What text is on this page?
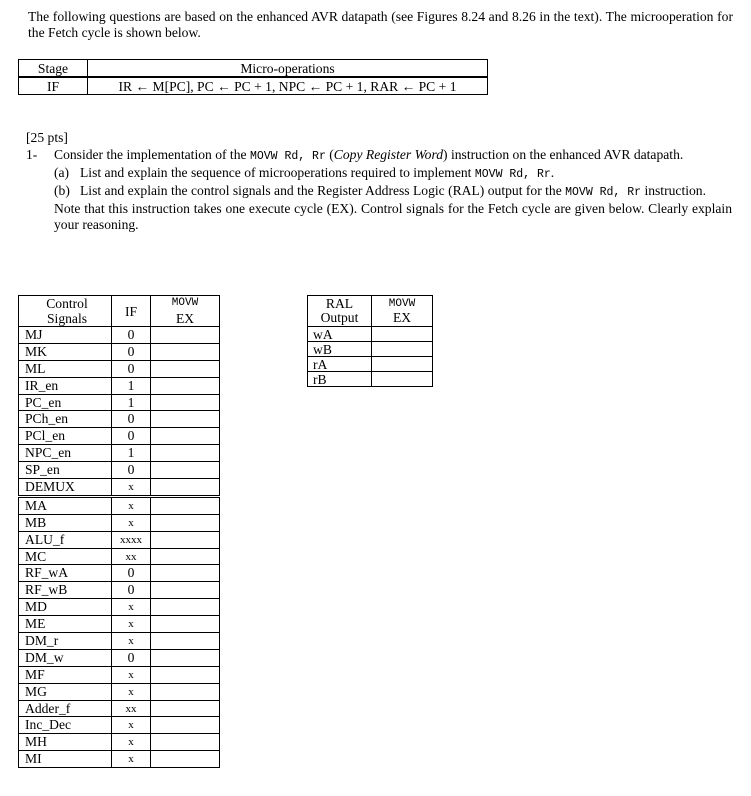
The following questions are based on the enhanced AVR datapath (see Figures 8.24 and 8.26 in the text). The microoperation for the Fetch cycle is shown below.
Stage	Micro-operations
IF	IR ← M[PC], PC ← PC + 1, NPC ← PC + 1, RAR ← PC + 1
[25 pts]
1- Consider the implementation of the MOVW Rd, Rr (Copy Register Word) instruction on the enhanced AVR datapath.
(a) List and explain the sequence of microoperations required to implement MOVW Rd, Rr.
(b) List and explain the control signals and the Register Address Logic (RAL) output for the MOVW Rd, Rr instruction.
Note that this instruction takes one execute cycle (EX). Control signals for the Fetch cycle are given below. Clearly explain your reasoning.
Control Signals	IF	MOVW
EX
MJ	0	
MK	0	
ML	0	
IR_en	1	
PC_en	1	
PCh_en	0	
PCl_en	0	
NPC_en	1	
SP_en	0	
DEMUX	x	
MA	x	
MB	x	
ALU_f	xxxx	
MC	xx	
RF_wA	0	
RF_wB	0	
MD	x	
ME	x	
DM_r	x	
DM_w	0	
MF	x	
MG	x	
Adder_f	xx	
Inc_Dec	x	
MH	x	
MI	x	
RAL Output	MOVW
EX
wA	
wB	
rA	
rB	
